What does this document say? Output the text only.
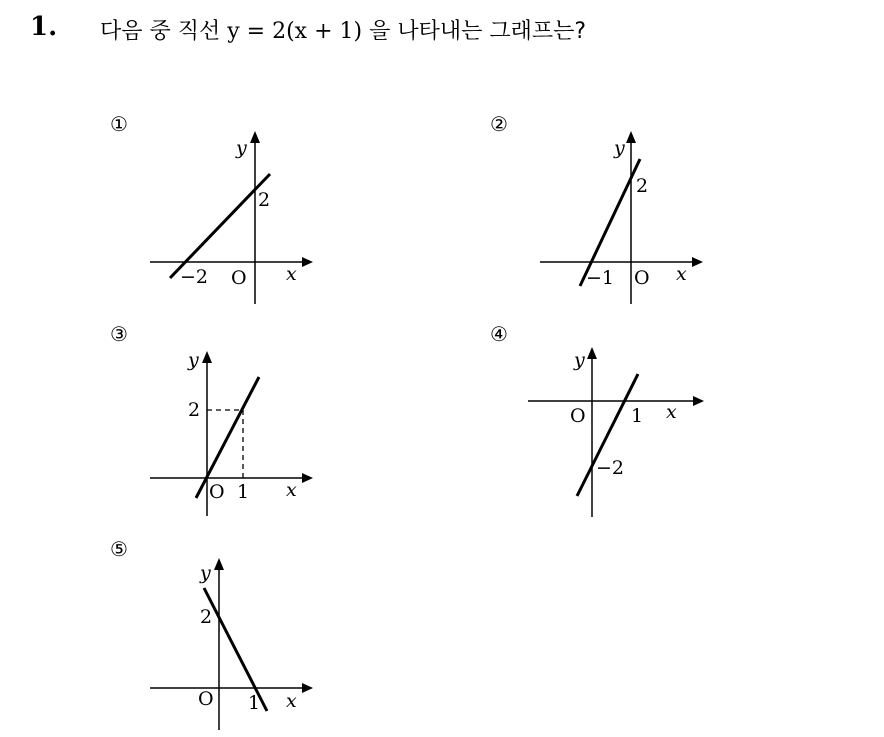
1. 다음 중 직선 y = 2(x + 1) 을 나타내는 그래프는?
①
y
x
O
−2
2
②
y
x
O
−1
2
③
y
x
O 1
2
④
y
x
O 1
−2
⑤
y
x
O 1
2
